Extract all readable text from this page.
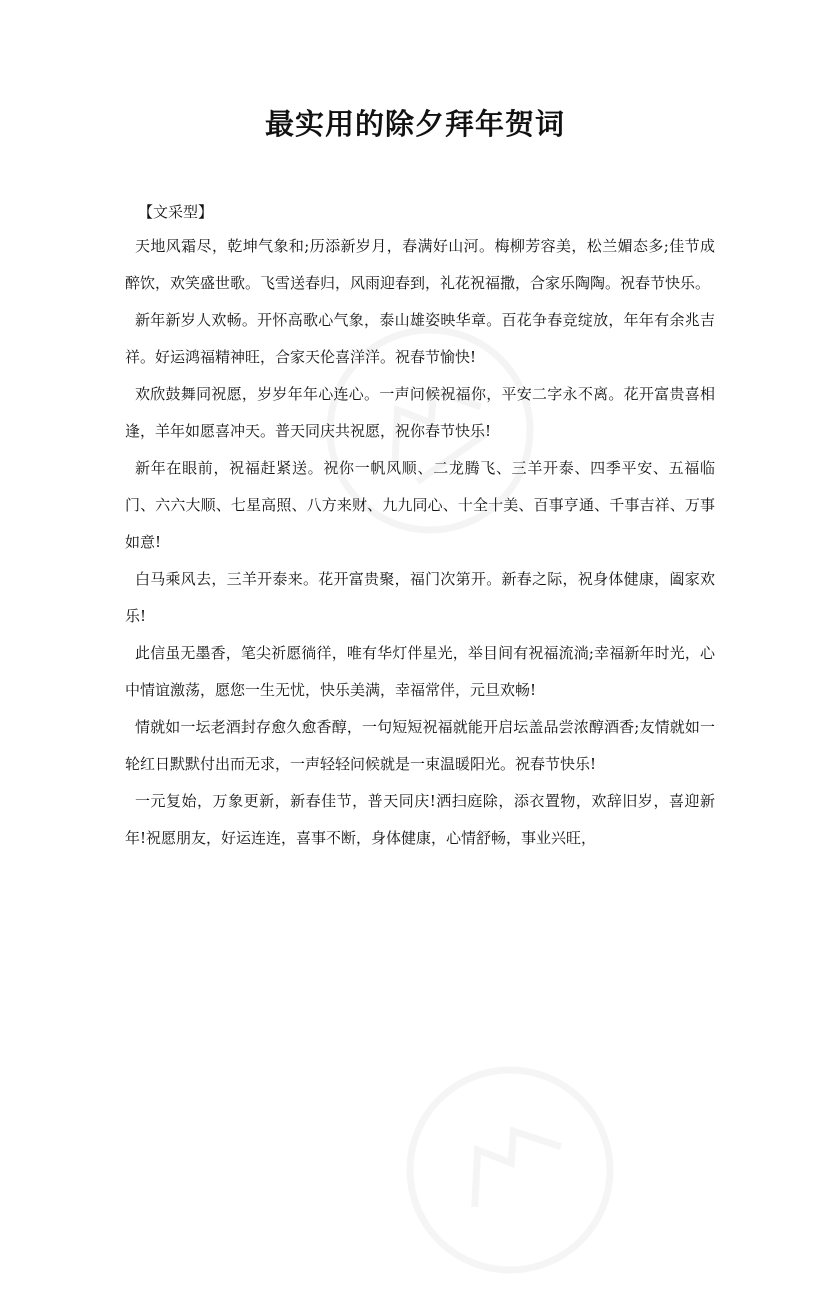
最实用的除夕拜年贺词

【文采型】

天地风霜尽，乾坤气象和;历添新岁月，春满好山河。梅柳芳容美，松兰媚态多;佳节成醉饮，欢笑盛世歌。飞雪送春归，风雨迎春到，礼花祝福撒，合家乐陶陶。祝春节快乐。

新年新岁人欢畅。开怀高歌心气象，泰山雄姿映华章。百花争春竞绽放，年年有余兆吉祥。好运鸿福精神旺，合家天伦喜洋洋。祝春节愉快!

欢欣鼓舞同祝愿，岁岁年年心连心。一声问候祝福你，平安二字永不离。花开富贵喜相逢，羊年如愿喜冲天。普天同庆共祝愿，祝你春节快乐!

新年在眼前，祝福赶紧送。祝你一帆风顺、二龙腾飞、三羊开泰、四季平安、五福临门、六六大顺、七星高照、八方来财、九九同心、十全十美、百事亨通、千事吉祥、万事如意!

白马乘风去，三羊开泰来。花开富贵聚，福门次第开。新春之际，祝身体健康，阖家欢乐!

此信虽无墨香，笔尖祈愿徜徉，唯有华灯伴星光，举目间有祝福流淌;幸福新年时光，心中情谊激荡，愿您一生无忧，快乐美满，幸福常伴，元旦欢畅!

情就如一坛老酒封存愈久愈香醇，一句短短祝福就能开启坛盖品尝浓醇酒香;友情就如一轮红日默默付出而无求，一声轻轻问候就是一束温暖阳光。祝春节快乐!

一元复始，万象更新，新春佳节，普天同庆!洒扫庭除，添衣置物，欢辞旧岁，喜迎新年!祝愿朋友，好运连连，喜事不断，身体健康，心情舒畅，事业兴旺，
